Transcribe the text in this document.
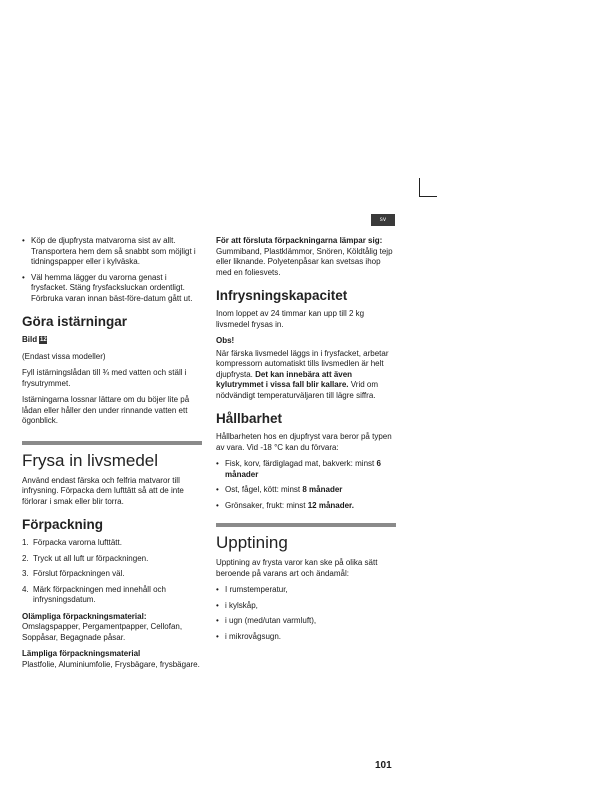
sv
• Köp de djupfrysta matvarorna sist av allt. Transportera hem dem så snabbt som möjligt i tidningspapper eller i kylväska.
• Väl hemma lägger du varorna genast i frysfacket. Stäng frysfacksluckan ordentligt. Förbruka varan innan bäst-före-datum gått ut.
Göra istärningar

Bild 12

(Endast vissa modeller)

Fyll istärningslådan till ¾ med vatten och ställ i frysutrymmet.

Istärningarna lossnar lättare om du böjer lite på lådan eller håller den under rinnande vatten ett ögonblick.

Frysa in livsmedel

Använd endast färska och felfria matvaror till infrysning. Förpacka dem lufttätt så att de inte förlorar i smak eller blir torra.

Förpackning
1. Förpacka varorna lufttätt.
2. Tryck ut all luft ur förpackningen.
3. Förslut förpackningen väl.
4. Märk förpackningen med innehåll och infrysningsdatum.

Olämpliga förpackningsmaterial:

Omslagspapper, Pergamentpapper, Cellofan, Soppåsar, Begagnade påsar.

Lämpliga förpackningsmaterial

Plastfolie, Aluminiumfolie, Frysbägare, frysbägare.

För att försluta förpackningarna lämpar sig:

Gummiband, Plastklämmor, Snören, Köldtålig tejp eller liknande. Polyetenpåsar kan svetsas ihop med en foliesvets.

Infrysningskapacitet

Inom loppet av 24 timmar kan upp till 2 kg livsmedel frysas in.

Obs!

När färska livsmedel läggs in i frysfacket, arbetar kompressorn automatiskt tills livsmedlen är helt djupfrysta. Det kan innebära att även kylutrymmet i vissa fall blir kallare. Vrid om nödvändigt temperaturväljaren till lägre siffra.

Hållbarhet

Hållbarheten hos en djupfryst vara beror på typen av vara. Vid -18 °C kan du förvara:

• Fisk, korv, färdiglagad mat, bakverk: minst 6 månader
• Ost, fågel, kött: minst 8 månader
• Grönsaker, frukt: minst 12 månader.
Upptining

Upptining av frysta varor kan ske på olika sätt beroende på varans art och ändamål:

• I rumstemperatur,
• i kylskåp,
• i ugn (med/utan varmluft),
• i mikrovågsugn.
101
